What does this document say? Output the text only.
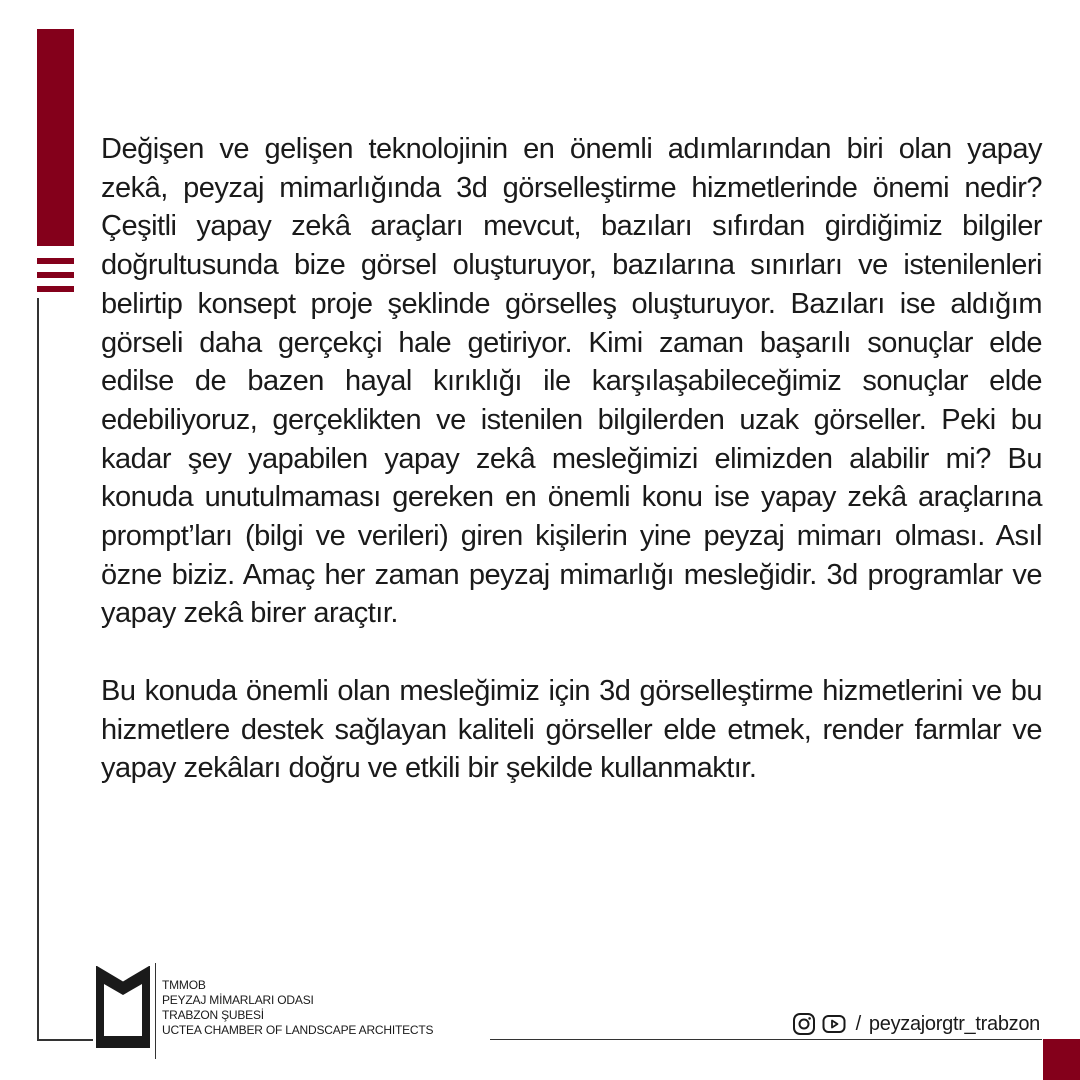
Değişen ve gelişen teknolojinin en önemli adımlarından biri olan yapay zekâ, peyzaj mimarlığında 3d görselleştirme hizmetlerinde önemi nedir? Çeşitli yapay zekâ araçları mevcut, bazıları sıfırdan girdiğimiz bilgiler doğrultusunda bize görsel oluşturuyor, bazılarına sınırları ve istenilenleri belirtip konsept proje şeklinde görselleş oluşturuyor. Bazıları ise aldığım görseli daha gerçekçi hale getiriyor. Kimi zaman başarılı sonuçlar elde edilse de bazen hayal kırıklığı ile karşılaşabileceğimiz sonuçlar elde edebiliyoruz, gerçeklikten ve istenilen bilgilerden uzak görseller. Peki bu kadar şey yapabilen yapay zekâ mesleğimizi elimizden alabilir mi? Bu konuda unutulmaması gereken en önemli konu ise yapay zekâ araçlarına prompt’ları (bilgi ve verileri) giren kişilerin yine peyzaj mimarı olması. Asıl özne biziz. Amaç her zaman peyzaj mimarlığı mesleğidir. 3d programlar ve yapay zekâ birer araçtır.

Bu konuda önemli olan mesleğimiz için 3d görselleştirme hizmetlerini ve bu hizmetlere destek sağlayan kaliteli görseller elde etmek, render farmlar ve yapay zekâları doğru ve etkili bir şekilde kullanmaktır.

TMMOB
PEYZAJ MİMARLARI ODASI
TRABZON ŞUBESİ
UCTEA CHAMBER OF LANDSCAPE ARCHITECTS	/ peyzajorgtr_trabzon
